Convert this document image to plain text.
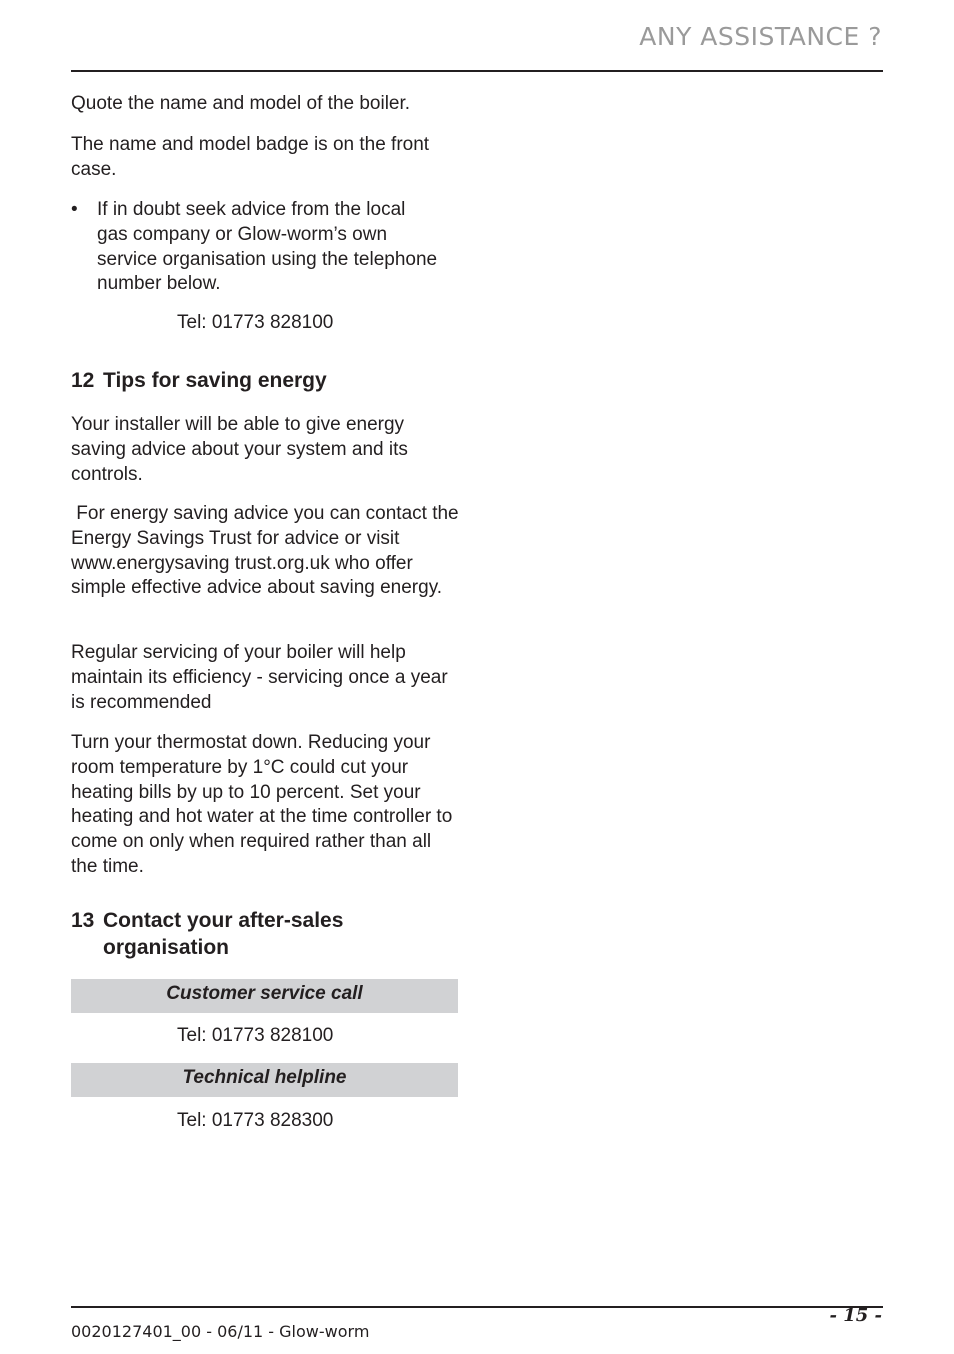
ANY ASSISTANCE ?

Quote the name and model of the boiler.

The name and model badge is on the front case.

• If in doubt seek advice from the local gas company or Glow-worm’s own service organisation using the telephone number below.

Tel: 01773 828100
12 Tips for saving energy

Your installer will be able to give energy saving advice about your system and its controls.

For energy saving advice you can contact the Energy Savings Trust for advice or visit www.energysaving trust.org.uk who offer simple effective advice about saving energy.

Regular servicing of your boiler will help maintain its efficiency - servicing once a year is recommended

Turn your thermostat down. Reducing your room temperature by 1°C could cut your heating bills by up to 10 percent. Set your heating and hot water at the time controller to come on only when required rather than all the time.

13 Contact your after-sales
organisation
Customer service call
Tel: 01773 828100
Technical helpline
Tel: 01773 828300
- 15 -
0020127401_00 - 06/11 - Glow-worm
